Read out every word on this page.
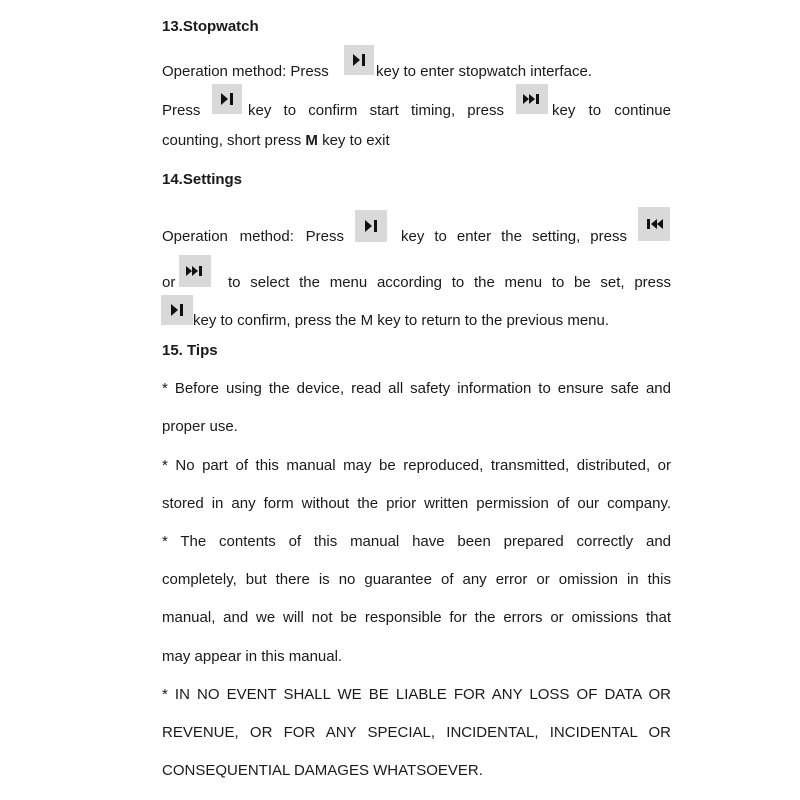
13.Stopwatch
Operation method: Press	key to enter stopwatch interface.
Press	key to confirm start timing, press	key to continue
counting, short press M key to exit
14.Settings
Operation method: Press	key to enter the setting, press
or	to select the menu according to the menu to be set, press
key to confirm, press the M key to return to the previous menu.
15. Tips
* Before using the device, read all safety information to ensure safe and
proper use.
* No part of this manual may be reproduced, transmitted, distributed, or
stored in any form without the prior written permission of our company.
* The contents of this manual have been prepared correctly and
completely, but there is no guarantee of any error or omission in this
manual, and we will not be responsible for the errors or omissions that
may appear in this manual.
* IN NO EVENT SHALL WE BE LIABLE FOR ANY LOSS OF DATA OR
REVENUE, OR FOR ANY SPECIAL, INCIDENTAL, INCIDENTAL OR
CONSEQUENTIAL DAMAGES WHATSOEVER.
